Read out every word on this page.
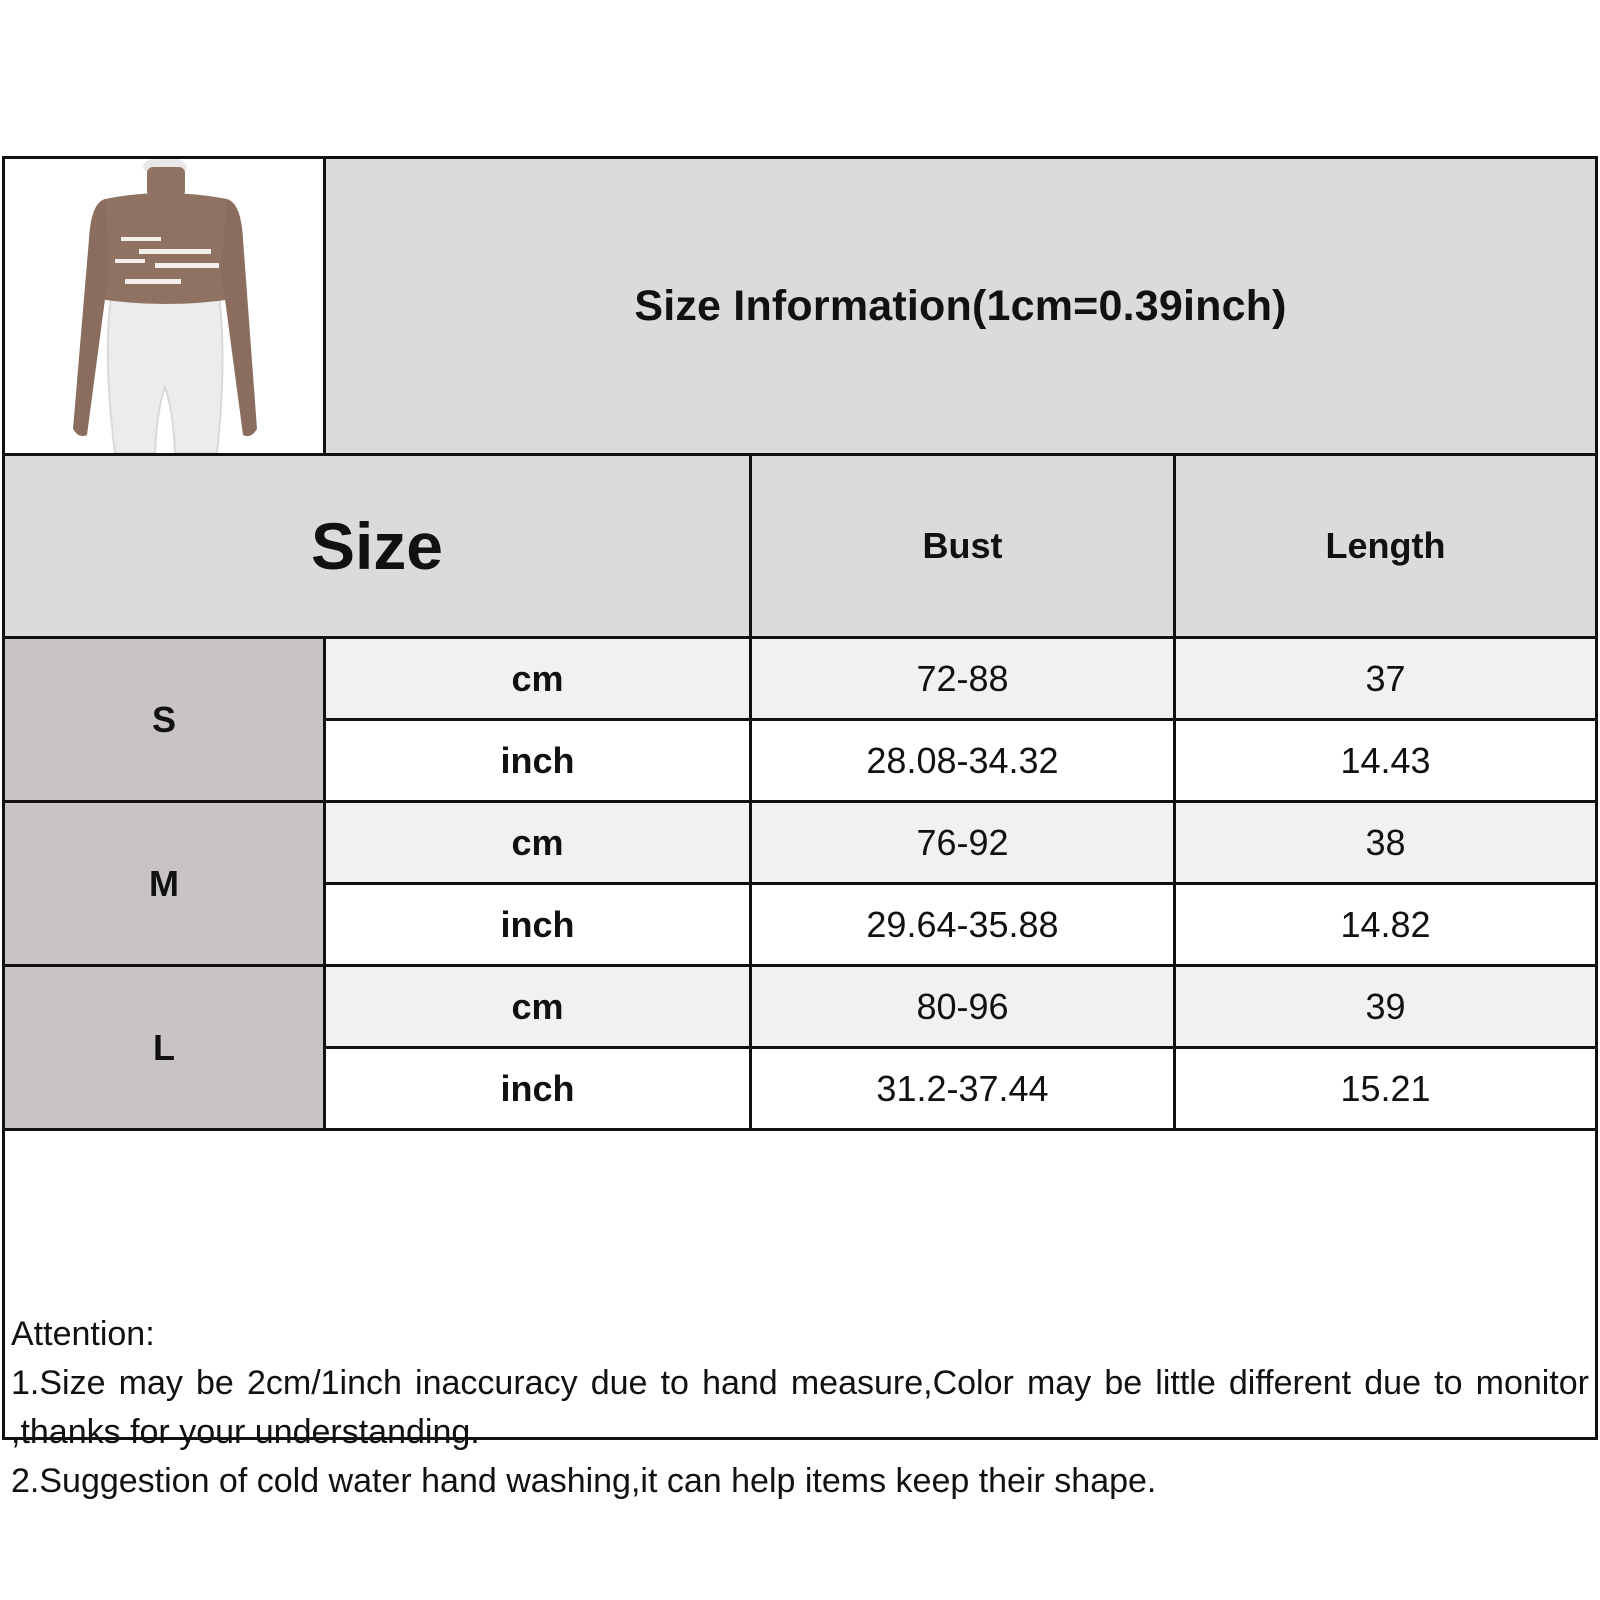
Size Information(1cm=0.39inch)
Size	Bust	Length
S
cm	72-88	37
inch	28.08-34.32	14.43
M
cm	76-92	38
inch	29.64-35.88	14.82
L
cm	80-96	39
inch	31.2-37.44	15.21

Attention:

1.Size may be 2cm/1inch inaccuracy due to hand measure,Color may be little different due to monitor ,thanks for your understanding.

2.Suggestion of cold water hand washing,it can help items keep their shape.
